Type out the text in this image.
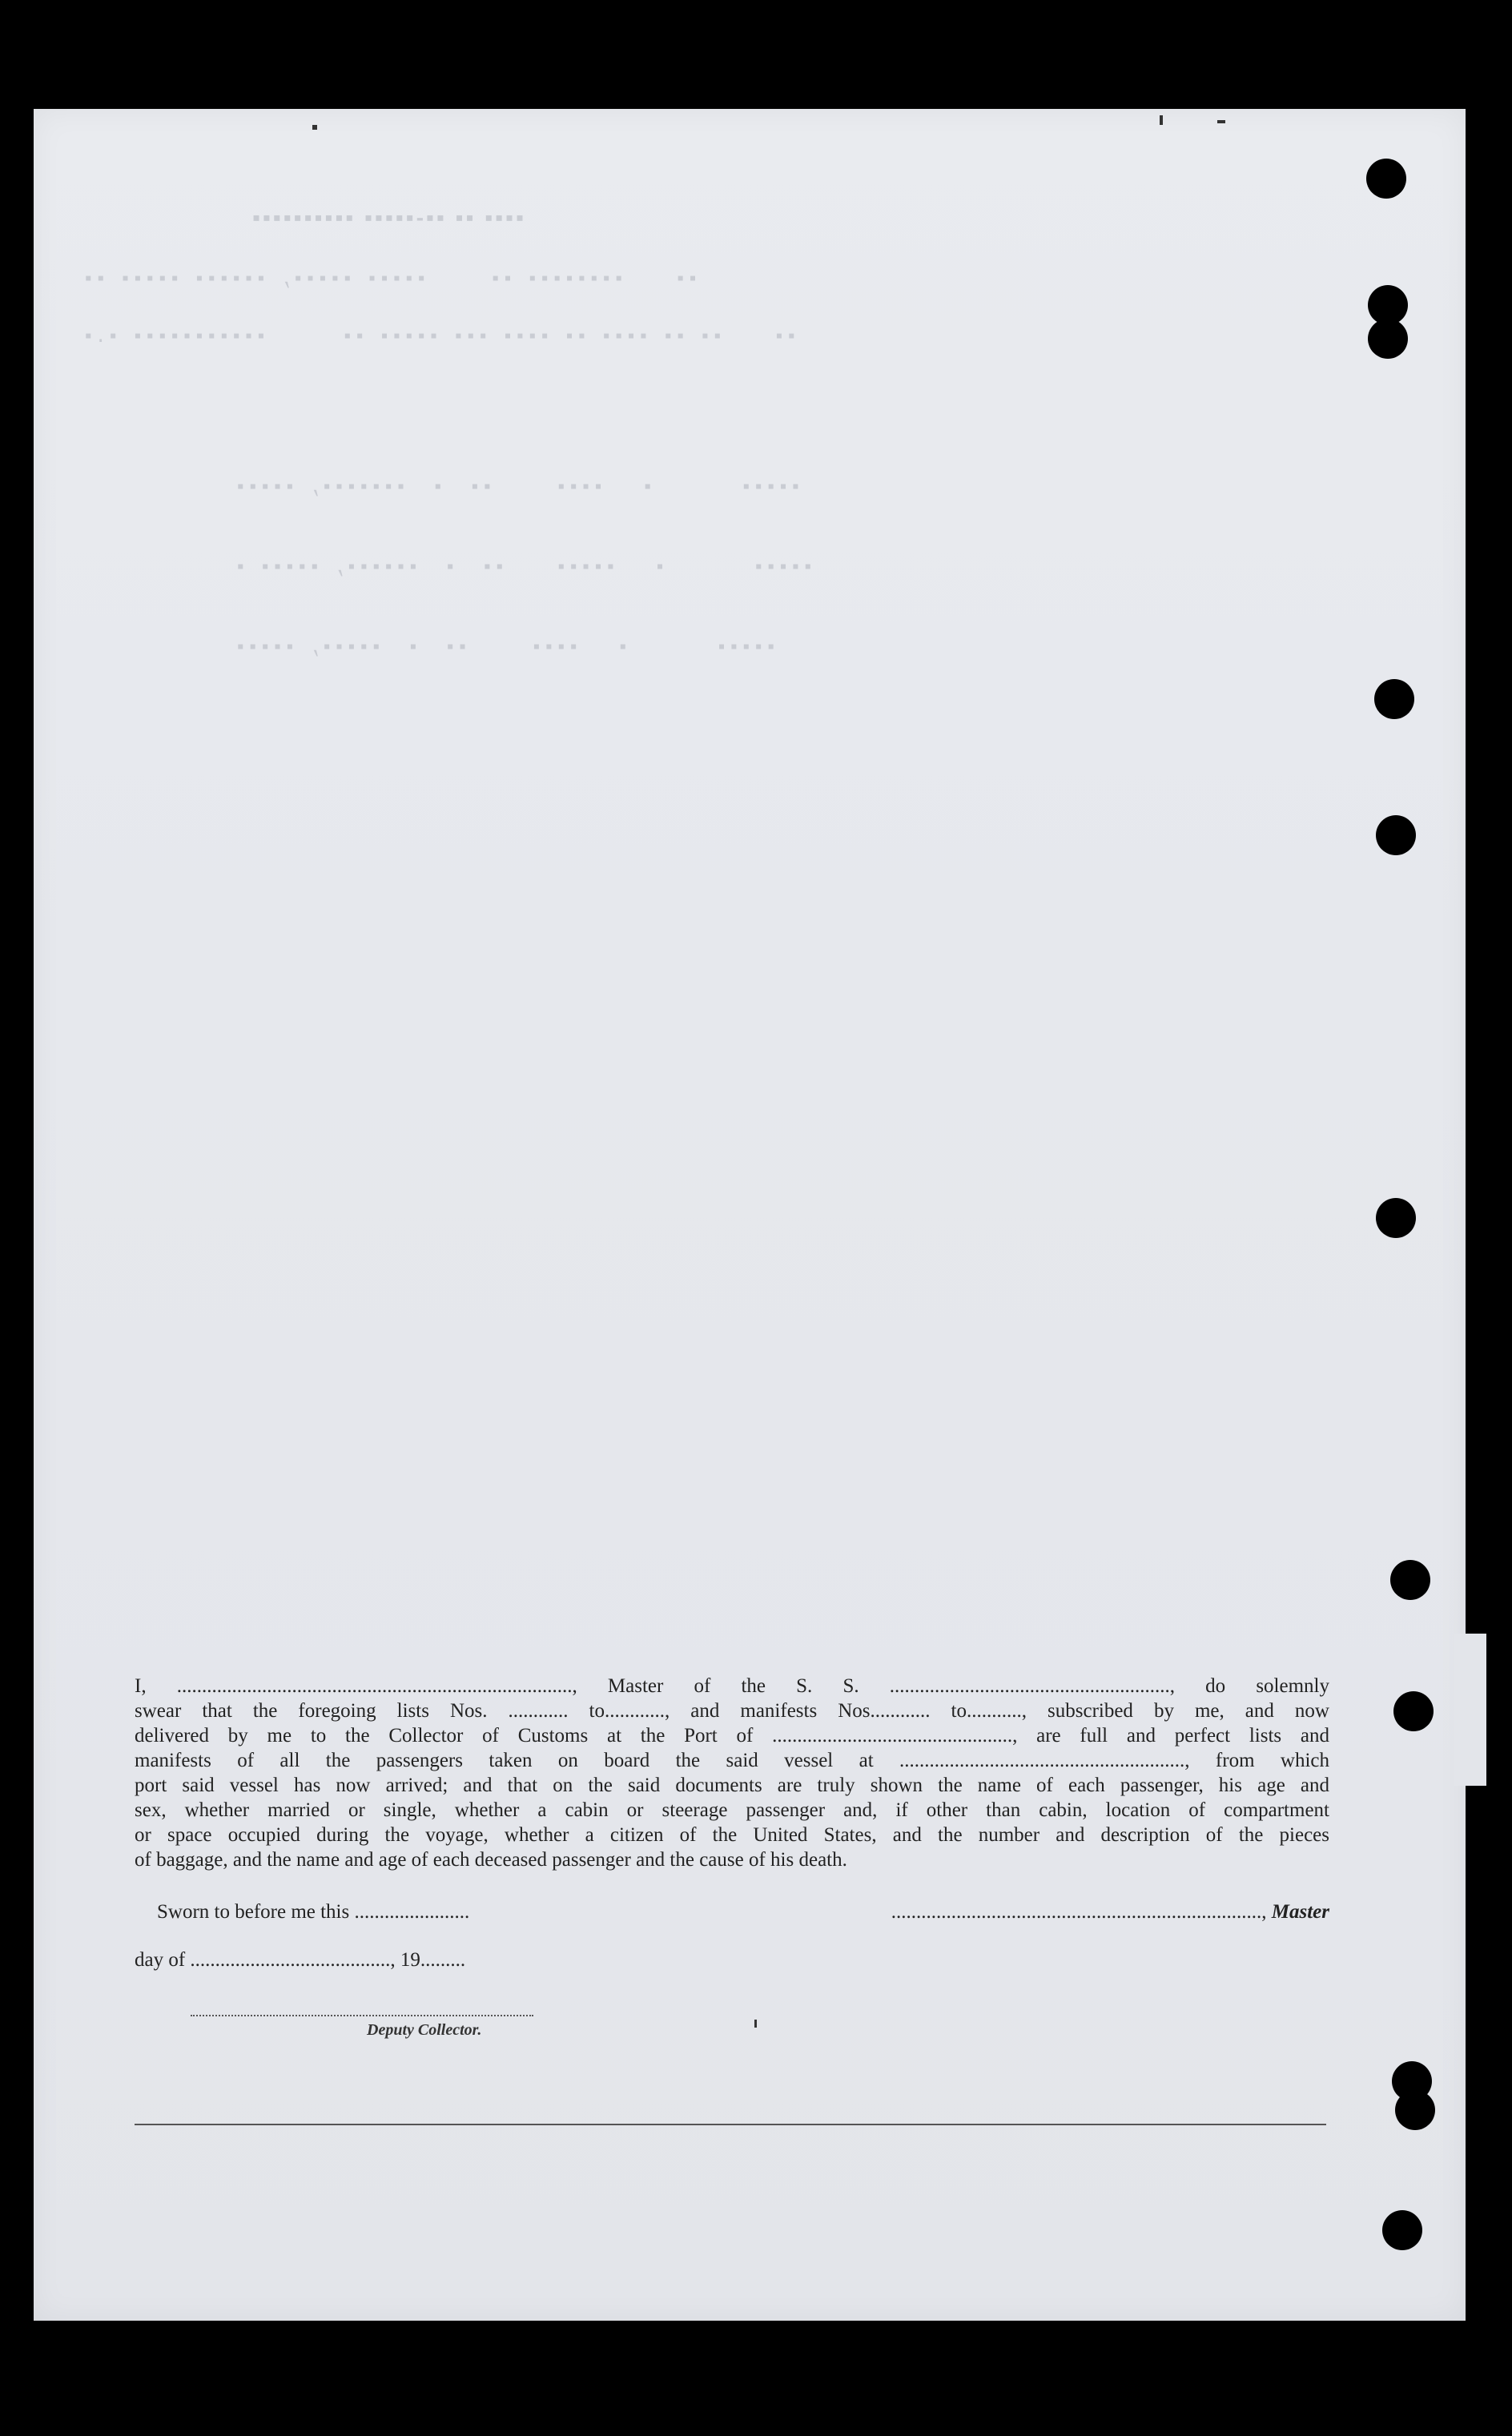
▪▪▪▪ ▪▪ ▪▪-▪▪▪▪▪ ▪▪▪▪▪▪▪▪▪▪
▪▪    ▪▪▪▪▪▪▪▪ ▪▪     ▪▪▪▪▪ ▪▪▪▪▪, ▪▪▪▪▪▪ ▪▪▪▪▪ ▪▪
▪▪    ▪▪ ▪▪ ▪▪▪▪ ▪▪ ▪▪▪▪ ▪▪▪ ▪▪▪▪▪ ▪▪      ▪▪▪▪▪▪▪▪▪▪▪ ▪.▪
▪▪▪▪▪       ▪   ▪▪▪▪     ▪▪  ▪  ▪▪▪▪▪▪▪, ▪▪▪▪▪
▪▪▪▪▪       ▪   ▪▪▪▪▪    ▪▪  ▪  ▪▪▪▪▪▪, ▪▪▪▪▪ ▪
▪▪▪▪▪       ▪   ▪▪▪▪     ▪▪  ▪  ▪▪▪▪▪, ▪▪▪▪▪
I, ..............................................................................., Master of the S. S. ........................................................, do solemnly
swear that the foregoing lists Nos. ............ to............, and manifests Nos............ to..........., subscribed by me, and now
delivered by me to the Collector of Customs at the Port of ................................................, are full and perfect lists and
manifests of all the passengers taken on board the said vessel at ........................................................., from which
port said vessel has now arrived; and that on the said documents are truly shown the name of each passenger, his age and
sex, whether married or single, whether a cabin or steerage passenger and, if other than cabin, location of compartment
or space occupied during the voyage, whether a citizen of the United States, and the number and description of the pieces
of baggage, and the name and age of each deceased passenger and the cause of his death.
Sworn to before me this .......................	.........................................................................., Master
day of ........................................, 19.........
Deputy Collector.
